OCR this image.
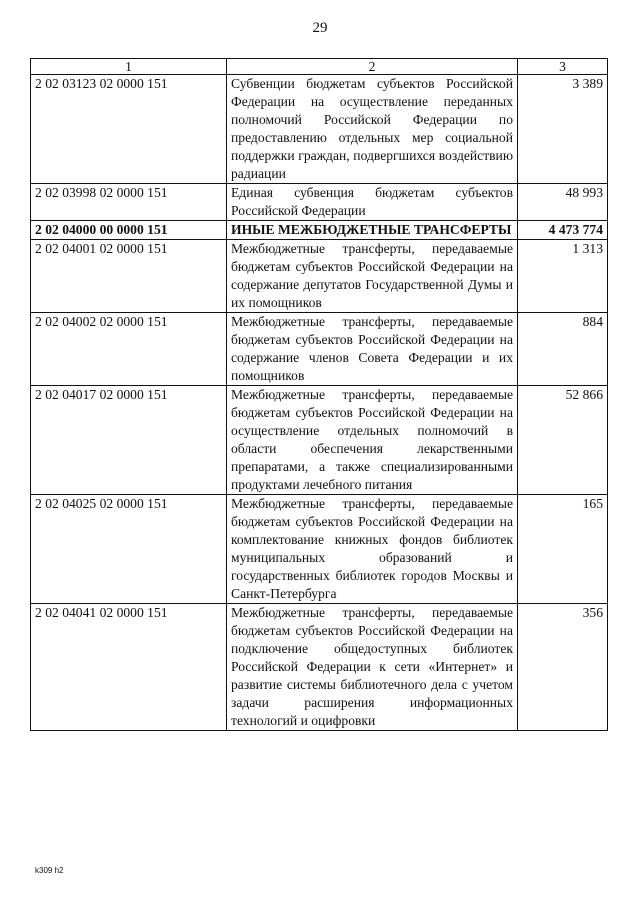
29
1	2	3
2 02 03123 02 0000 151	Субвенции бюджетам субъектов Российской Федерации на осуществление переданных полномочий Российской Федерации по предоставлению отдельных мер социальной поддержки граждан, подвергшихся воздействию радиации	3 389
2 02 03998 02 0000 151	Единая субвенция бюджетам субъектов Российской Федерации	48 993
2 02 04000 00 0000 151	ИНЫЕ МЕЖБЮДЖЕТНЫЕ ТРАНСФЕРТЫ	4 473 774
2 02 04001 02 0000 151	Межбюджетные трансферты, передаваемые бюджетам субъектов Российской Федерации на содержание депутатов Государственной Думы и их помощников	1 313
2 02 04002 02 0000 151	Межбюджетные трансферты, передаваемые бюджетам субъектов Российской Федерации на содержание членов Совета Федерации и их помощников	884
2 02 04017 02 0000 151	Межбюджетные трансферты, передаваемые бюджетам субъектов Российской Федерации на осуществление отдельных полномочий в области обеспечения лекарственными препаратами, а также специализированными продуктами лечебного питания	52 866
2 02 04025 02 0000 151	Межбюджетные трансферты, передаваемые бюджетам субъектов Российской Федерации на комплектование книжных фондов библиотек муниципальных образований и государственных библиотек городов Москвы и Санкт-Петербурга	165
2 02 04041 02 0000 151	Межбюджетные трансферты, передаваемые бюджетам субъектов Российской Федерации на подключение общедоступных библиотек Российской Федерации к сети «Интернет» и развитие системы библиотечного дела с учетом задачи расширения информационных технологий и оцифровки	356
k309 h2
